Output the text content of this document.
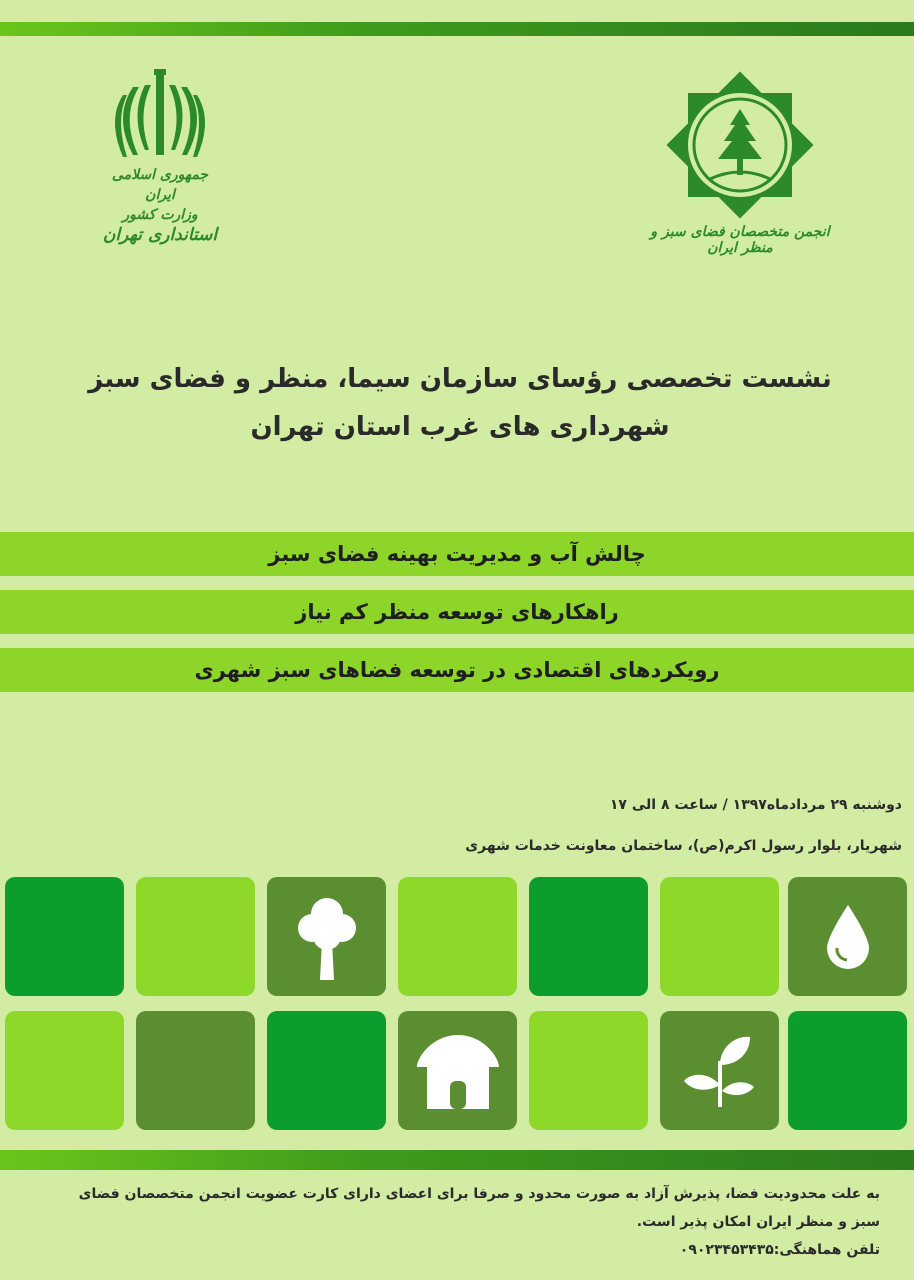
جمهوری اسلامی ایران
وزارت کشور
استانداری تهران	انجمن متخصصان فضای سبز و منظر ایران
نشست تخصصی رؤسای سازمان سیما، منظر و فضای سبز
شهرداری های غرب استان تهران
چالش آب و مدیریت بهینه فضای سبز
راهکارهای توسعه منظر کم نیاز
رویکردهای اقتصادی در توسعه فضاهای سبز شهری
دوشنبه ۲۹ مردادماه۱۳۹۷ / ساعت ۸ الی ۱۷
شهریار، بلوار رسول اکرم(ص)، ساختمان معاونت خدمات شهری
به علت محدودیت فضا، پذیرش آزاد به صورت محدود و صرفا برای اعضای دارای کارت عضویت انجمن متخصصان فضای
سبز و منظر ایران امکان پذیر است.
تلفن هماهنگی:۰۹۰۲۳۴۵۳۴۳۵
